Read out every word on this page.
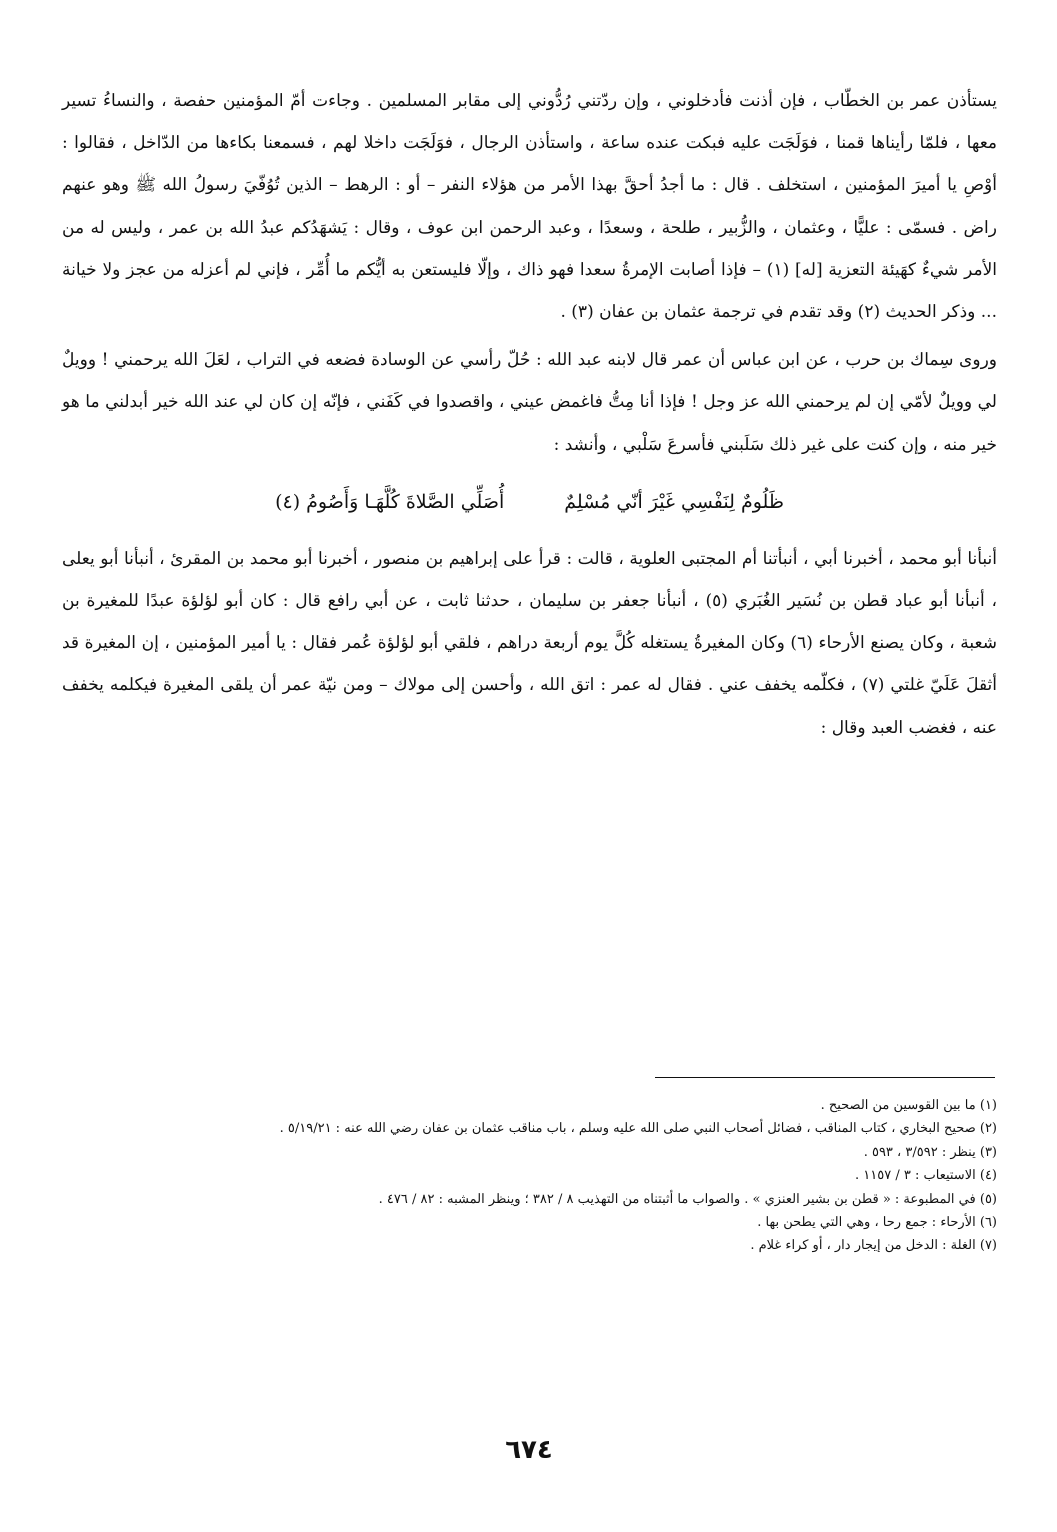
يستأذن عمر بن الخطّاب ، فإن أذنت فأدخلوني ، وإن ردّتني رُدُّوني إلى مقابر المسلمين . وجاءت أمّ المؤمنين حفصة ، والنساءُ تسير معها ، فلمّا رأيناها قمنا ، فوَلَجَت عليه فبكت عنده ساعة ، واستأذن الرجال ، فوَلَجَت داخلا لهم ، فسمعنا بكاءها من الدّاخل ، فقالوا : أوْصِ يا أميرَ المؤمنين ، استخلف . قال : ما أجدُ أحقَّ بهذا الأمر من هؤلاء النفر – أو : الرهط – الذين تُوُفّيَ رسولُ الله ﷺ وهو عنهم راض . فسمّى : عليًّا ، وعثمان ، والزُّبير ، طلحة ، وسعدًا ، وعبد الرحمن ابن عوف ، وقال : يَشهَدُكم عبدُ الله بن عمر ، وليس له من الأمر شيءٌ كهَيئة التعزية [له] (١) – فإذا أصابت الإمرةُ سعدا فهو ذاك ، وإلّا فليستعن به أيُّكم ما أُمِّر ، فإني لم أعزله من عجز ولا خيانة ... وذكر الحديث (٢) وقد تقدم في ترجمة عثمان بن عفان (٣) .

وروى سِماك بن حرب ، عن ابن عباس أن عمر قال لابنه عبد الله : حُلّ رأسي عن الوسادة فضعه في التراب ، لعَلَ الله يرحمني ! وويلٌ لي وويلٌ لأمّي إن لم يرحمني الله عز وجل ! فإذا أنا مِتُّ فاغمض عيني ، واقصدوا في كَفَني ، فإنّه إن كان لي عند الله خير أبدلني ما هو خير منه ، وإن كنت على غير ذلك سَلَبني فأسرعَ سَلْبي ، وأنشد :

ظَلُومٌ لِنَفْسِي غَيْرَ أنّي مُسْلِمٌ
أُصَلِّي الصَّلاةَ كُلَّهَـا وَأَصُومُ (٤)

أنبأنا أبو محمد ، أخبرنا أبي ، أنبأتنا أم المجتبى العلوية ، قالت : قرأ على إبراهيم بن منصور ، أخبرنا أبو محمد بن المقرئ ، أنبأنا أبو يعلى ، أنبأنا أبو عباد قطن بن نُسَير الغُبَري (٥) ، أنبأنا جعفر بن سليمان ، حدثنا ثابت ، عن أبي رافع قال : كان أبو لؤلؤة عبدًا للمغيرة بن شعبة ، وكان يصنع الأرحاء (٦) وكان المغيرةُ يستغله كُلَّ يوم أربعة دراهم ، فلقي أبو لؤلؤة عُمر فقال : يا أمير المؤمنين ، إن المغيرة قد أثقلَ عَلَيّ غلتي (٧) ، فكلّمه يخفف عني . فقال له عمر : اتق الله ، وأحسن إلى مولاك – ومن نيّة عمر أن يلقى المغيرة فيكلمه يخفف عنه ، فغضب العبد وقال :

(١) ما بين القوسين من الصحيح .

(٢) صحيح البخاري ، كتاب المناقب ، فضائل أصحاب النبي صلى الله عليه وسلم ، باب مناقب عثمان بن عفان رضي الله عنه : ٥/١٩/٢١ .

(٣) ينظر : ٣/٥٩٢ ، ٥٩٣ .

(٤) الاستيعاب : ٣ / ١١٥٧ .

(٥) في المطبوعة : « قطن بن بشير العنزي » . والصواب ما أثبتناه من التهذيب ٨ / ٣٨٢ ؛ وينظر المشبه : ٨٢ / ٤٧٦ .

(٦) الأرحاء : جمع رحا ، وهي التي يطحن بها .

(٧) الغلة : الدخل من إيجار دار ، أو كراء غلام .

٦٧٤
